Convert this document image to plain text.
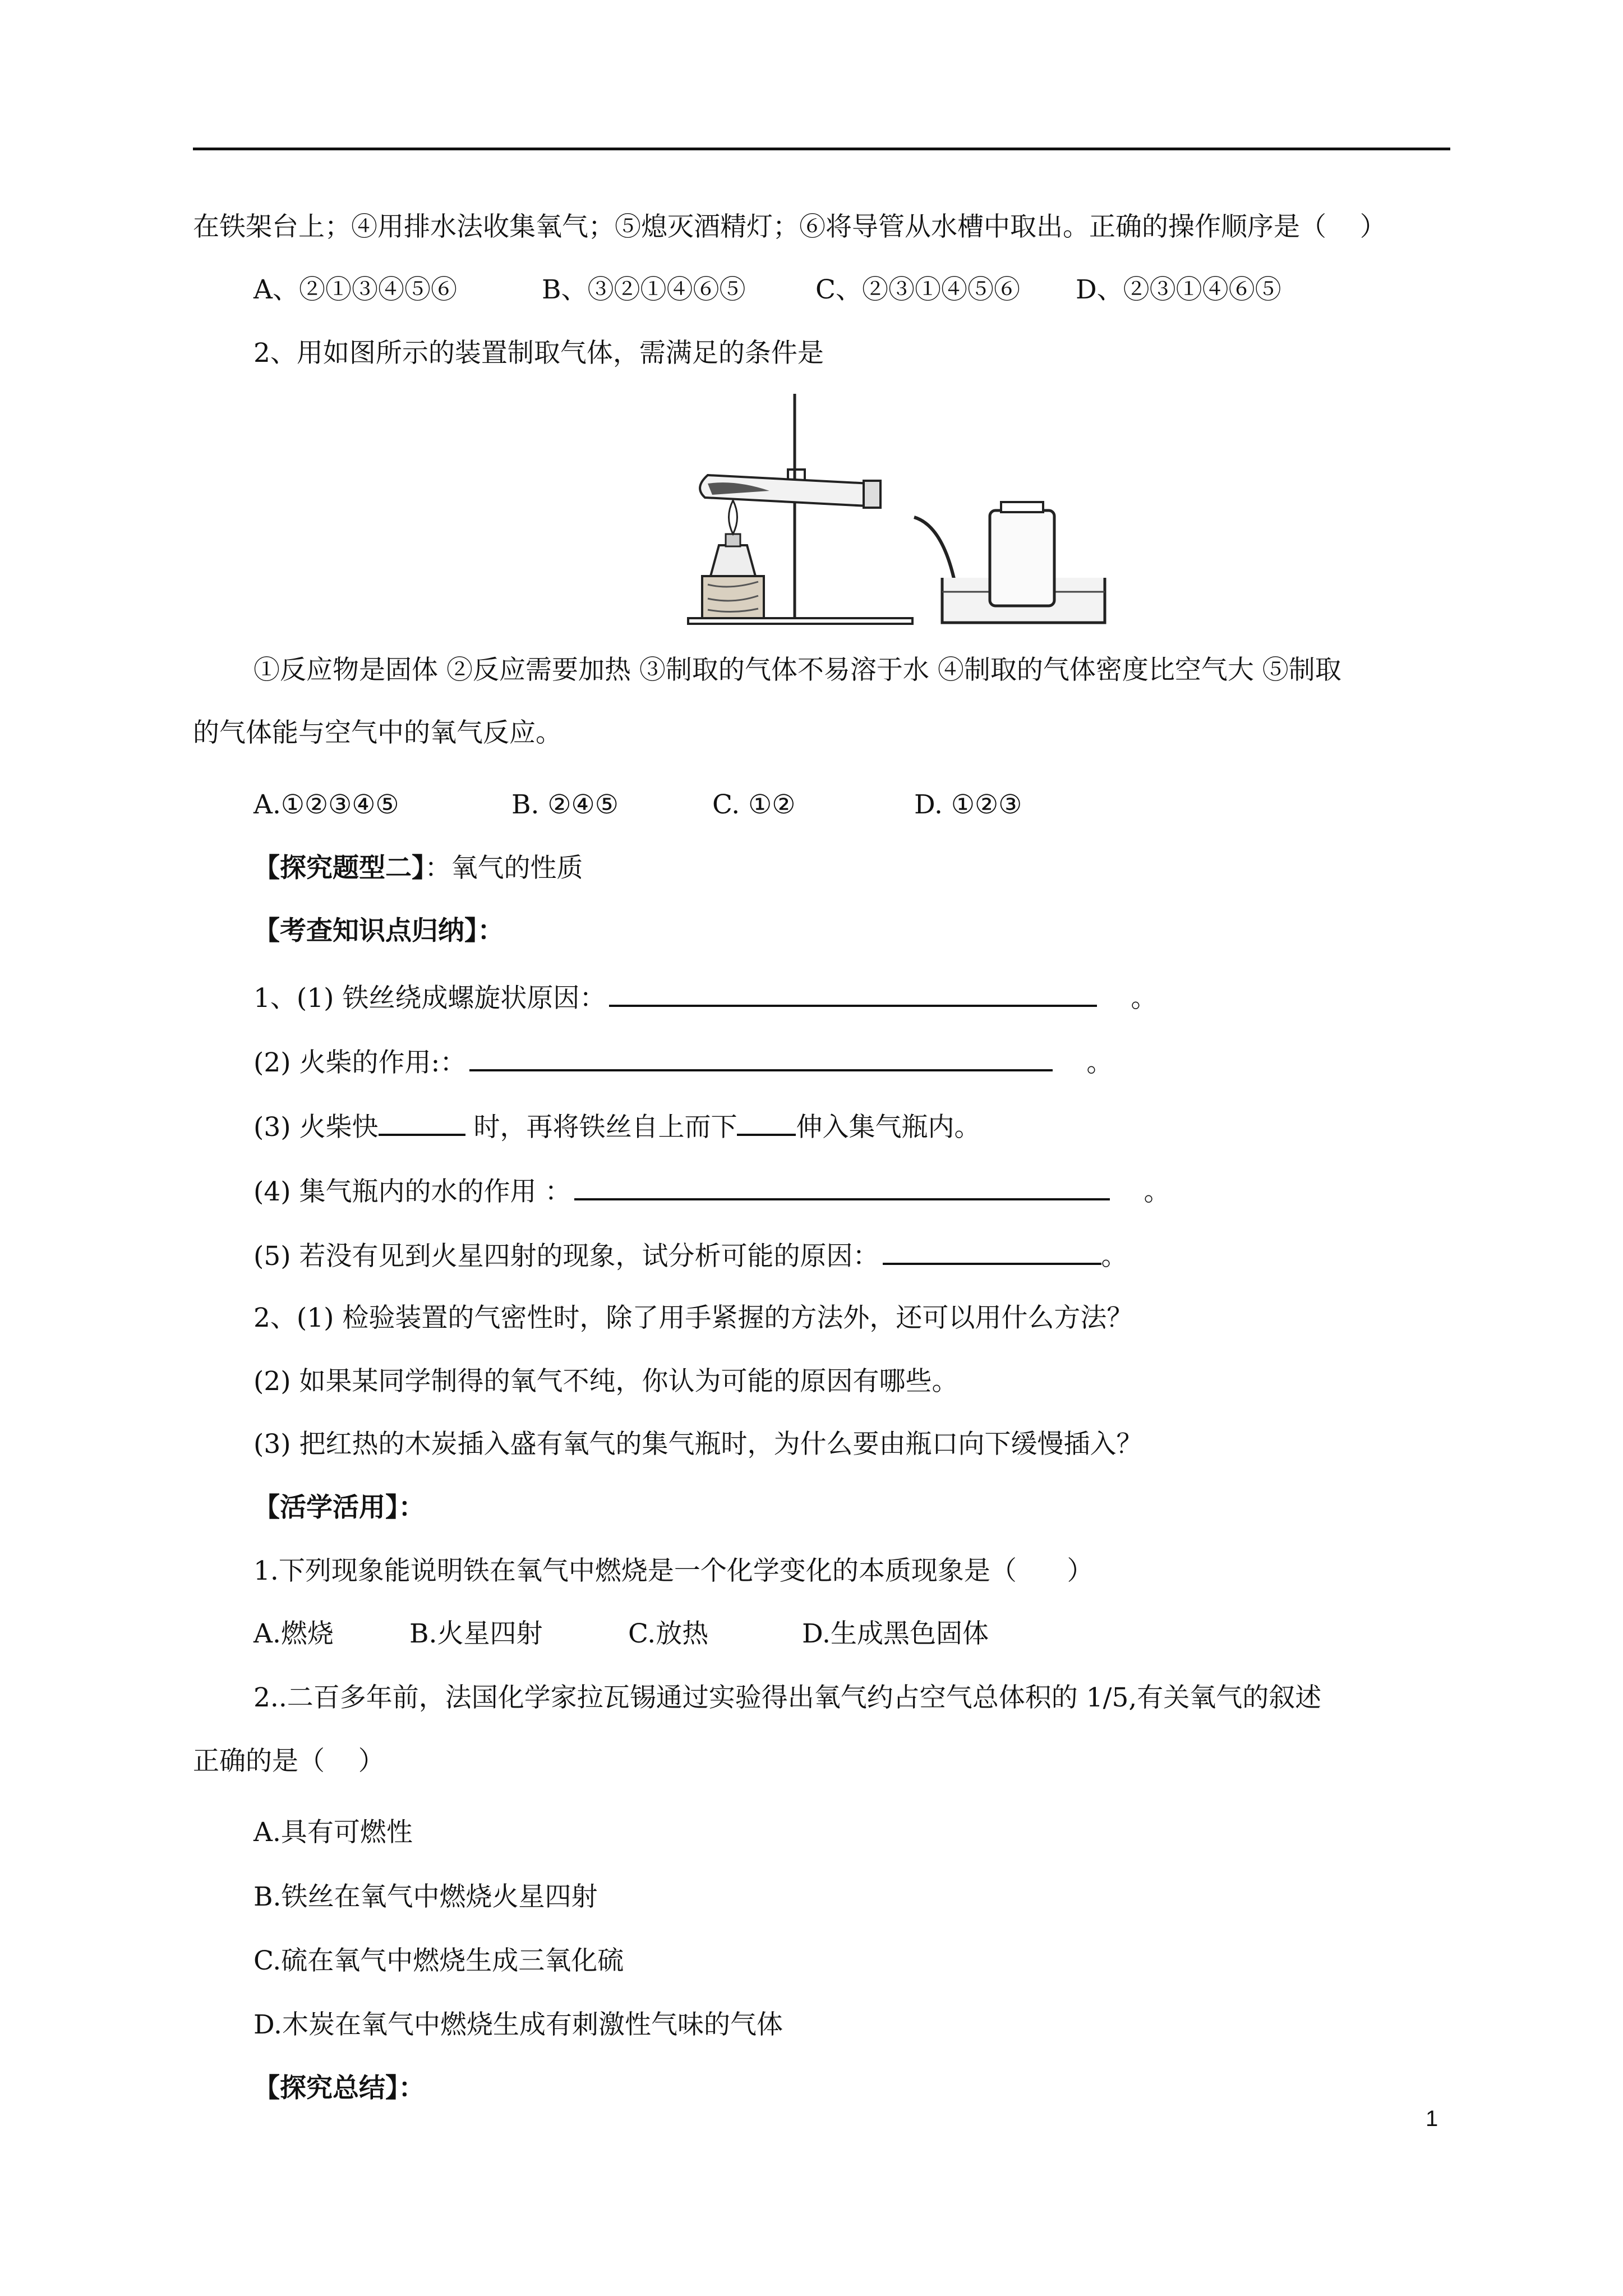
在铁架台上；④用排水法收集氧气；⑤熄灭酒精灯；⑥将导管从水槽中取出。正确的操作顺序是（    ）
A、②①③④⑤⑥	B、③②①④⑥⑤	C、②③①④⑤⑥ D、②③①④⑥⑤
2、用如图所示的装置制取气体，需满足的条件是
①反应物是固体 ②反应需要加热 ③制取的气体不易溶于水 ④制取的气体密度比空气大 ⑤制取
的气体能与空气中的氧气反应。
A.①②③④⑤	B. ②④⑤	C. ①②	D. ①②③
【探究题型二】：氧气的性质
【考查知识点归纳】：
1、(1) 铁丝绕成螺旋状原因：	。
(2) 火柴的作用:：	。
(3) 火柴快	时，再将铁丝自上而下 伸入集气瓶内。
(4) 集气瓶内的水的作用 ：	。
(5) 若没有见到火星四射的现象，试分析可能的原因：	。
2、(1) 检验装置的气密性时，除了用手紧握的方法外，还可以用什么方法？
(2) 如果某同学制得的氧气不纯，你认为可能的原因有哪些。
(3) 把红热的木炭插入盛有氧气的集气瓶时，为什么要由瓶口向下缓慢插入？
【活学活用】：
1.下列现象能说明铁在氧气中燃烧是一个化学变化的本质现象是（      ）
A.燃烧	B.火星四射	C.放热	D.生成黑色固体
2..二百多年前，法国化学家拉瓦锡通过实验得出氧气约占空气总体积的 1/5,有关氧气的叙述
正确的是（    ）
A.具有可燃性
B.铁丝在氧气中燃烧火星四射
C.硫在氧气中燃烧生成三氧化硫
D.木炭在氧气中燃烧生成有刺激性气味的气体
【探究总结】：
1
